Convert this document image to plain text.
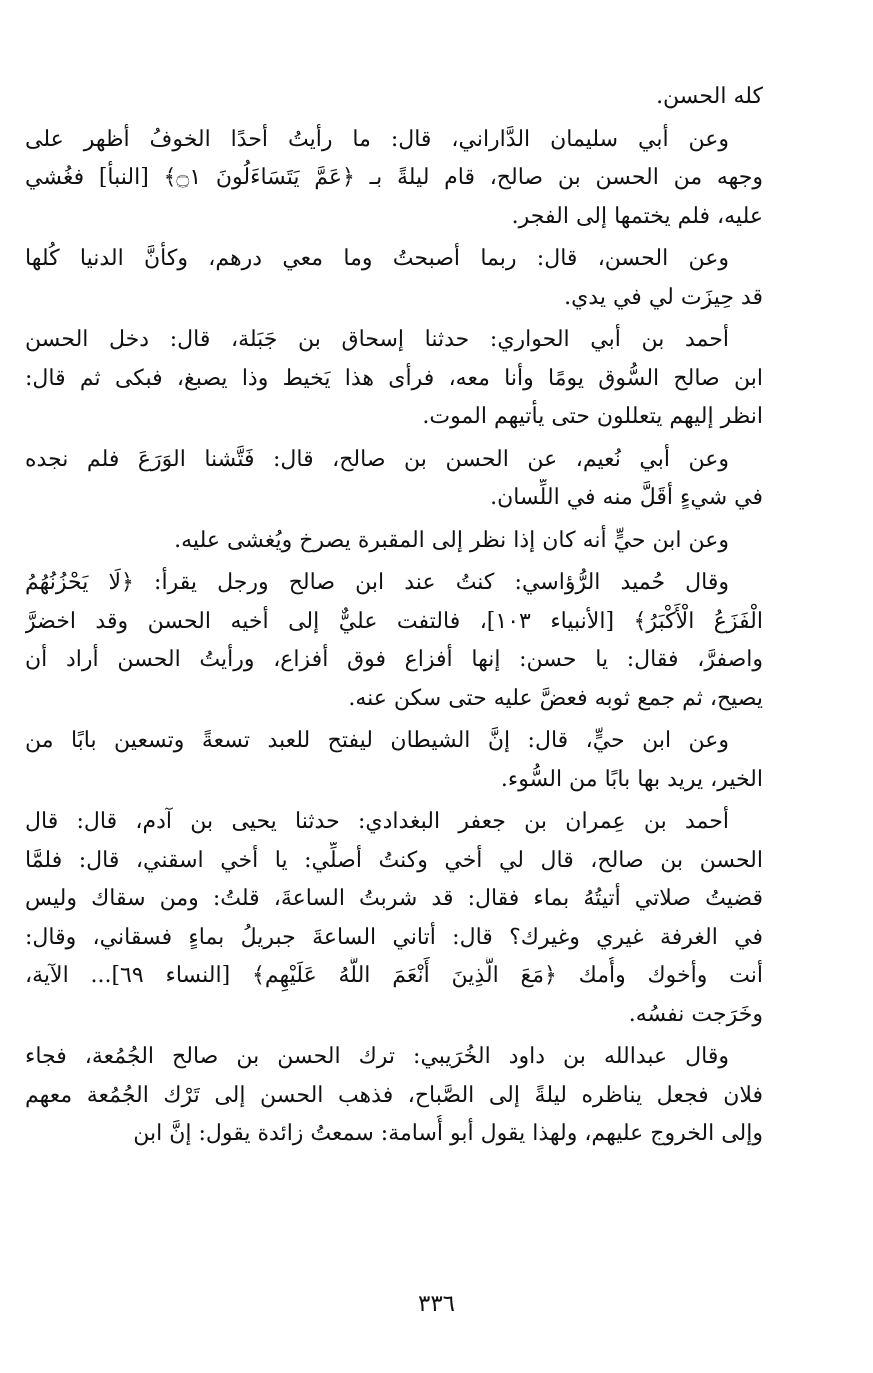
كله الحسن.
وعن أبي سليمان الدَّاراني، قال: ما رأيتُ أحدًا الخوفُ أظهر على
وجهه من الحسن بن صالح، قام ليلةً بـ ﴿عَمَّ يَتَسَاءَلُونَ ۝١﴾ [النبأ] فغُشي
عليه، فلم يختمها إلى الفجر.
وعن الحسن، قال: ربما أصبحتُ وما معي درهم، وكأنَّ الدنيا كُلها
قد حِيزَت لي في يدي.
أحمد بن أبي الحواري: حدثنا إسحاق بن جَبَلة، قال: دخل الحسن
ابن صالح السُّوق يومًا وأنا معه، فرأى هذا يَخيط وذا يصبغ، فبكى ثم قال:
انظر إليهم يتعللون حتى يأتيهم الموت.
وعن أبي نُعيم، عن الحسن بن صالح، قال: فَتَّشنا الوَرَعَ فلم نجده
في شيءٍ أقَلَّ منه في اللِّسان.
وعن ابن حيٍّ أنه كان إذا نظر إلى المقبرة يصرخ ويُغشى عليه.
وقال حُميد الرُّؤاسي: كنتُ عند ابن صالح ورجل يقرأ: ﴿لَا يَحْزُنُهُمُ
الْفَزَعُ الْأَكْبَرُ﴾ [الأنبياء ١٠٣]، فالتفت عليٌّ إلى أخيه الحسن وقد اخضرَّ
واصفرَّ، فقال: يا حسن: إنها أفزاع فوق أفزاع، ورأيتُ الحسن أراد أن
يصيح، ثم جمع ثوبه فعضَّ عليه حتى سكن عنه.
وعن ابن حيٍّ، قال: إنَّ الشيطان ليفتح للعبد تسعةً وتسعين بابًا من
الخير، يريد بها بابًا من السُّوء.
أحمد بن عِمران بن جعفر البغدادي: حدثنا يحيى بن آدم، قال: قال
الحسن بن صالح، قال لي أخي وكنتُ أصلِّي: يا أخي اسقني، قال: فلمَّا
قضيتُ صلاتي أتيتُهُ بماء فقال: قد شربتُ الساعةَ، قلتُ: ومن سقاك وليس
في الغرفة غيري وغيرك؟ قال: أتاني الساعةَ جبريلُ بماءٍ فسقاني، وقال:
أنت وأخوك وأُمك ﴿مَعَ الَّذِينَ أَنْعَمَ اللَّهُ عَلَيْهِم﴾ [النساء ٦٩]... الآية،
وخَرَجت نفسُه.
وقال عبدالله بن داود الخُرَيبي: ترك الحسن بن صالح الجُمُعة، فجاء
فلان فجعل يناظره ليلةً إلى الصَّباح، فذهب الحسن إلى تَرْك الجُمُعة معهم
وإلى الخروج عليهم، ولهذا يقول أبو أُسامة: سمعتُ زائدة يقول: إنَّ ابن
٣٣٦
